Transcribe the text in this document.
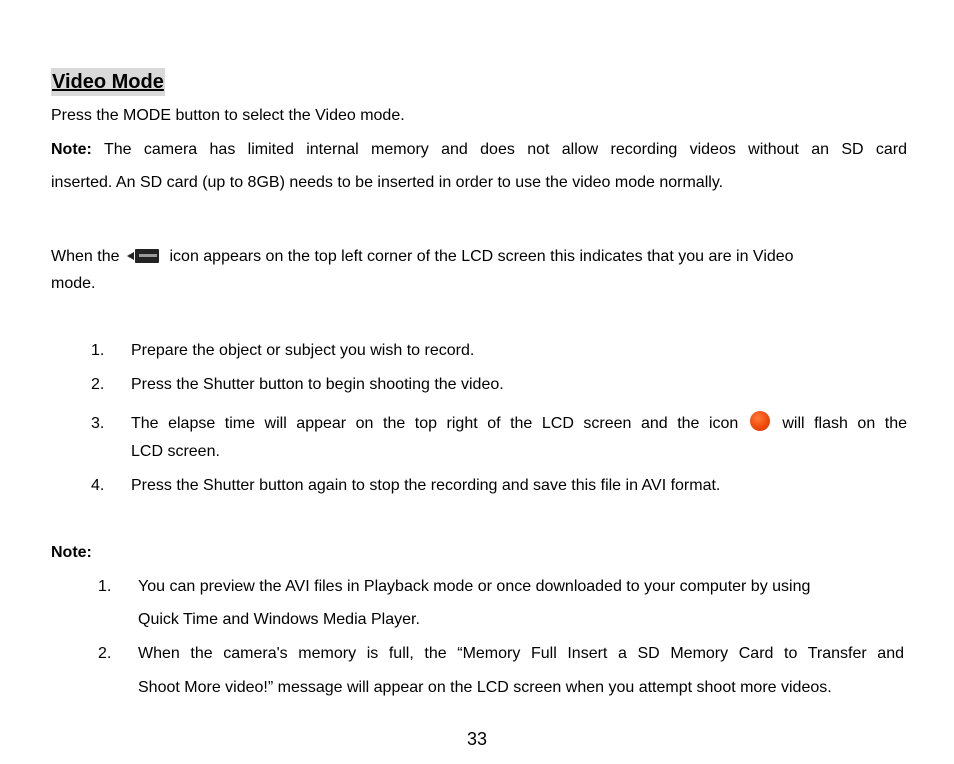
Video Mode
Press the MODE button to select the Video mode.
Note: The camera has limited internal memory and does not allow recording videos without an SD card
inserted. An SD card (up to 8GB) needs to be inserted in order to use the video mode normally.
When the	icon appears on the top left corner of the LCD screen this indicates that you are in Video
mode.
1.	Prepare the object or subject you wish to record.
2.	Press the Shutter button to begin shooting the video.
3.	The elapse time will appear on the top right of the LCD screen and the icon	will flash on the
LCD screen.
4.	Press the Shutter button again to stop the recording and save this file in AVI format.
Note:
1.	You can preview the AVI files in Playback mode or once downloaded to your computer by using
Quick Time and Windows Media Player.
2.	When the camera's memory is full, the “Memory Full Insert a SD Memory Card to Transfer and
Shoot More video!” message will appear on the LCD screen when you attempt shoot more videos.
33
